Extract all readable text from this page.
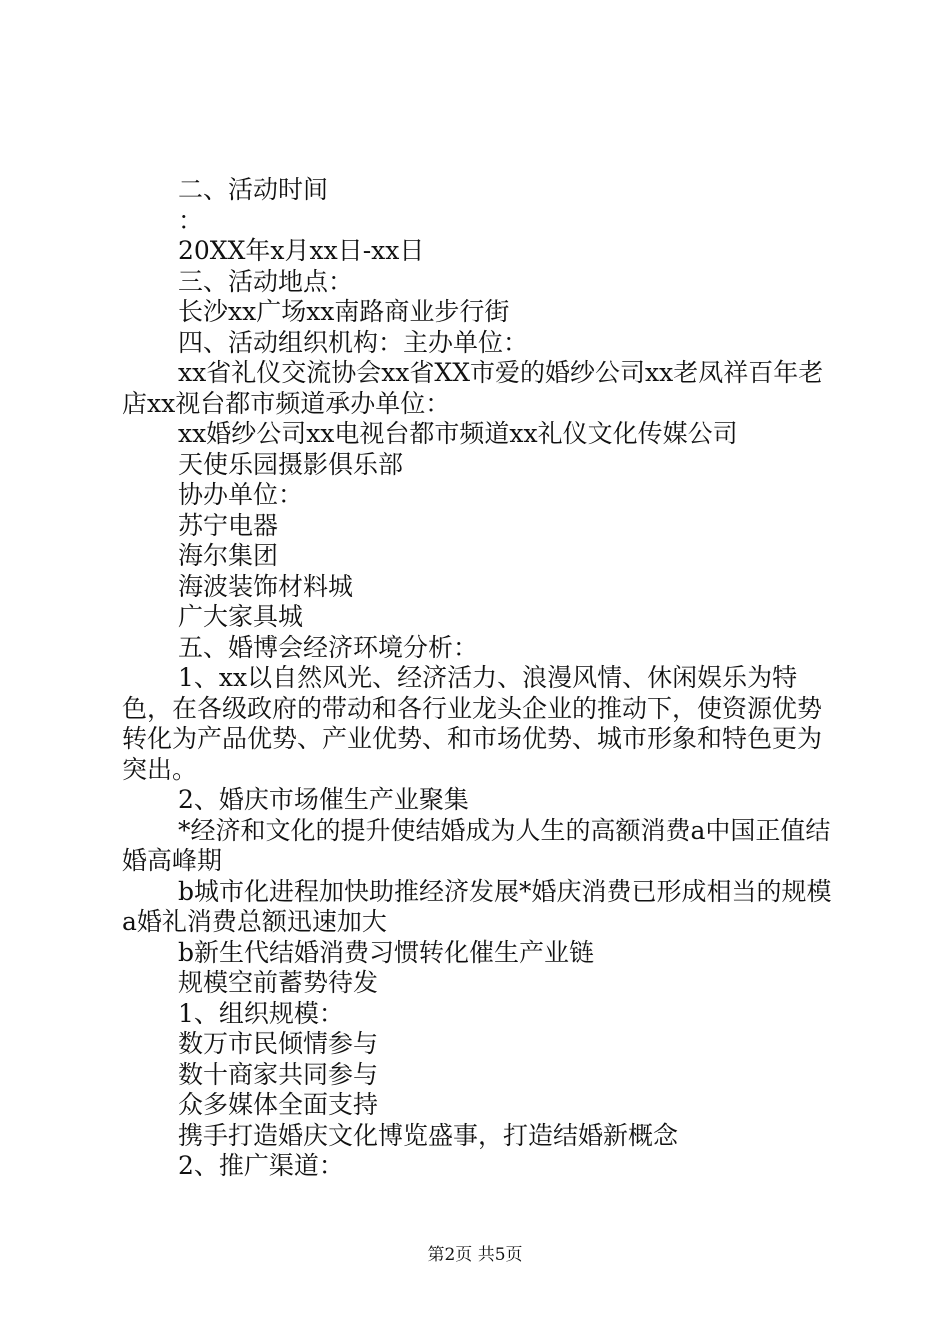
二、活动时间

：

20XX年x月xx日-xx日

三、活动地点：

长沙xx广场xx南路商业步行街

四、活动组织机构：主办单位：

xx省礼仪交流协会xx省XX市爱的婚纱公司xx老凤祥百年老店xx视台都市频道承办单位：

xx婚纱公司xx电视台都市频道xx礼仪文化传媒公司

天使乐园摄影俱乐部

协办单位：

苏宁电器

海尔集团

海波装饰材料城

广大家具城

五、婚博会经济环境分析：

1、xx以自然风光、经济活力、浪漫风情、休闲娱乐为特色，在各级政府的带动和各行业龙头企业的推动下，使资源优势转化为产品优势、产业优势、和市场优势、城市形象和特色更为突出。

2、婚庆市场催生产业聚集

*经济和文化的提升使结婚成为人生的高额消费a中国正值结婚高峰期

b城市化进程加快助推经济发展*婚庆消费已形成相当的规模a婚礼消费总额迅速加大

b新生代结婚消费习惯转化催生产业链

规模空前蓄势待发

1、组织规模：

数万市民倾情参与

数十商家共同参与

众多媒体全面支持

携手打造婚庆文化博览盛事，打造结婚新概念

2、推广渠道：

第2页 共5页
